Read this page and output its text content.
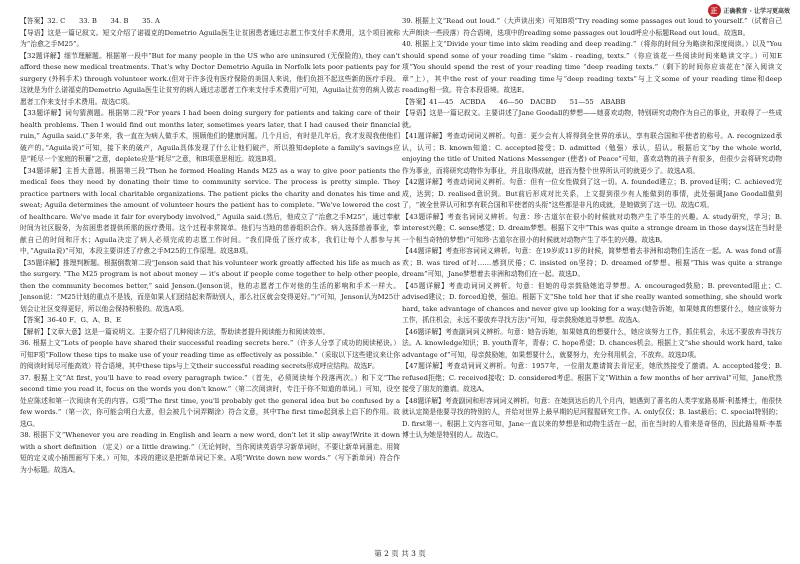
正	正确教育 · 让学习更高效

【答案】32. C　　33. B　　34. B　　35. A

【导语】这是一篇记叙文。短文介绍了诺福克的Demetrio Aguila医生让贫困患者通过志愿工作支付手术费用，这个项目被称为“治愈之手M25”。

【32题详解】细节理解题。根据第一段中“But for many people in the US who are uninsured (无保险的), they can't afford these new medical treatments. That's why Doctor Demetrio Aguila in Norfolk lets poor patients pay for surgery (外科手术) through volunteer work.(但对于许多没有医疗保险的美国人来说，他们负担不起这些新的医疗手段。这就是为什么诺福克的Demetrio Aguila医生让贫穷的病人通过志愿者工作来支付手术费用)”可知，Aguila让贫穷的病人做志愿者工作来支付手术费用。故选C项。

【33题详解】词句猜测题。根据第二段“For years I had been doing surgery for patients and taking care of their health problems. Then I would find out months later, sometimes years later, that I had caused their financial ruin,” Aguila said.(“多年来，我一直在为病人做手术，照顾他们的健康问题。几个月后，有时是几年后，我才发现我使他们破产的。”Aguila说)”可知，接下来的破产，Aguila具体发现了什么让他们破产，所以推知deplete a family's savings应是“耗尽一个家庭的积蓄”之意，deplete应是“耗尽”之意，和B项意思相近。故选B项。

【34题详解】主旨大意题。根据第三段“Then he formed Healing Hands M25 as a way to give poor patients the medical fees they need by donating their time to community service. The process is pretty simple. They practice partners with local charitable organizations. The patient picks the charity and donates his time and sweat; Aguila determines the amount of volunteer hours the patient has to complete. “We've lowered the cost of healthcare. We've made it fair for everybody involved,” Aguila said.(然后，他成立了“治愈之手M25”，通过奉献时间为社区服务，为贫困患者提供所需的医疗费用。这个过程非常简单。他们与当地的慈善组织合作。病人选择慈善事业，奉献自己的时间和汗水；Aguila决定了病人必须完成的志愿工作时间。“我们降低了医疗成本，我们让每个人都参与其中，”Aguila说)”可知，本段主要讲述了疗愈之手M25的工作原理。故选B项。

【35题详解】推理判断题。根据倒数第二段“Jenson said that his volunteer work greatly affected his life as much as the surgery. “The M25 program is not about money — it's about if people come together to help other people, then the community becomes better,” said Jenson.(Jenson说，他的志愿者工作对他的生活的影响和手术一样大。Jenson说：“M25计划的重点不是钱，而是如果人们团结起来帮助别人，那么社区就会变得更好。”)”可知，Jenson认为M25计划会让社区变得更好，所以他会保持积极的。故选A项。

【答案】36-40 F、G、A、B、E

【解析】【文章大意】这是一篇说明文。主要介绍了几种阅读方法，帮助读者提升阅读能力和阅读效率。

36. 根据上文“Lots of people have shared their successful reading secrets here.”（许多人分享了成功的阅读秘诀。）可知F项“Follow these tips to make use of your reading time as effectively as possible.”（采取以下这些建议来让你的阅读时间尽可能高效）符合语境，其中these tips与上文their successful reading secrets形成呼应结构。故选F。

37. 根据上文“At first, you'll have to read every paragraph twice.”（首先，必须阅读每个段落两次。）和下文“The second time you read it, focus on the words you don't know.”（第二次阅读时，专注于你不知道的单词。）可知，设空处应陈述和第一次阅读有关的内容。G项“The first time, you'll probably get the general idea but be confused by a few words.”（第一次，你可能会明白大意，但会被几个词弄糊涂）符合文意，其中The first time起到承上启下的作用。故选G。

38. 根据下文“Whenever you are reading in English and learn a new word, don't let it slip away!Write it down with a short definition （定义）or a little drawing.”（无论何时，当你阅读英语学习新单词时，不要让新单词溜走。用简短的定义或小插图画写下来。）可知，本段的建议是把新单词记下来。A项“Write down new words.”（写下新单词）符合作为小标题。故选A。

39. 根据上文“Read out loud.”（大声读出来）可知B项“Try reading some passages out loud to yourself.”（试着自己大声朗读一些段落）符合语境，选项中的reading some passages out loud呼应小标题Read out loud。故选B。

40. 根据上文“Divide your time into skim reading and deep reading.”（将你的时间分为略读和深度阅读。）以及“You should spend some of your reading time “skim - reading, texts.”（你应该花一些阅读时间来略读文字。）可知E项“You should spend the rest of your reading time “deep reading texts.”（剩下的时间你应该花在“深入阅读文章”上），其中the rest of your reading time与“deep reading texts”与上文some of your reading time和deep reading相一致。符合本段语境。故选E。

【答案】41—45　ACBDA　　46—50　DACBD　　51—55　ABABB

【导语】这是一篇记叙文。主要讲述了Jane Goodall的梦想——她喜欢动物，特别研究动物作为自己的事业，并取得了一些成就。

【41题详解】考查动词词义辨析。句意：更少会有人将得到全世界的承认，享有联合国和平使者的称号。A. recognized承认，认可；B. known知道；C. accepted接受；D. admitted（勉强）承认，招认。根据后文“by the whole world, enjoying the title of United Nations Messenger (使者) of Peace”可知，喜欢动物的孩子有很多，但很少会将研究动物作为事业，而将研究动物作为事业，并且取得成就，进而为整个世界所认可的就更少了。故选A项。

【42题详解】考查动词词义辨析。句意：但有一位女性做到了这一切。A. founded建立；B. proved证明；C. achieved完成，达到；D. realised意识到。But前后形成对比关系，上文提到很少有人能做到的事情，此处强调Jane Goodall做到了，“被全世界认可和享有联合国和平使者的头衔”这些都是非凡的成就，是她做到了这一切。故选C项。

【43题详解】考查名词词义辨析。句意：珍·古道尔在很小的时候就对动物产生了毕生的兴趣。A. study研究，学习；B. interest兴趣；C. sense感觉；D. dream梦想。根据下文中“This was quite a strange dream in those days(这在当时是一个相当奇特的梦想)”可知珍·古道尔在很小的时候就对动物产生了毕生的兴趣。故选B。

【44题详解】考查形容词词义辨析。句意：在19岁或11岁的时候，简梦想着去非洲和动物们生活在一起。A. was fond of喜欢；B. was tired of对……感到厌倦；C. insisted on坚持；D. dreamed of梦想。根据“This was quite a strange dream”可知，Jane梦想着去非洲和动物们在一起。故选D。

【45题详解】考查动词词义辨析。句意：但她的母亲鼓励她追寻梦想。A. encouraged鼓励；B. prevented阻止；C. advised建议；D. forced迫使，强迫。根据下文“She told her that if she really wanted something, she should work hard, take advantage of chances and never give up looking for a way.(她告诉她，如果她真的想要什么，她应该努力工作，抓住机会，永远不要放弃寻找方法)”可知，母亲鼓励她追寻梦想。故选A。

【46题详解】考查副词词义辨析。句意：她告诉她，如果她真的想要什么，她应该努力工作，抓住机会，永远不要放弃寻找方法。A. knowledge知识；B. youth青年，青春；C. hope希望；D. chances机会。根据上文“she should work hard, take advantage of”可知，母亲鼓励她，如果想要什么，就要努力，充分利用机会，不放弃。故选D项。

【47题详解】考查动词词义辨析。句意：1957年，一位朋友邀请简去肯尼亚，她欣然接受了邀请。A. accepted接受；B. refused拒绝；C. received接收；D. considered考虑。根据下文“Within a few months of her arrival”可知，Jane欣然接受了朋友的邀请。故选A。

【48题详解】考查副词和形容词词义辨析。句意：在她到达后的几个月内，她遇到了著名的人类学家路易斯·利基博士，他很快就认定简是他要寻找的特别的人，并给对世界上最早期的尼河猩猩研究工作。A. only仅仅；B. last最后；C. special特别的；D. first第一。根据上文内容可知，Jane一直以来的梦想是和动物生活在一起，而在当时的人看来是奇怪的，因此路易斯·李基博士认为她是特别的人。故选C。

第 2 页 共 3 页
